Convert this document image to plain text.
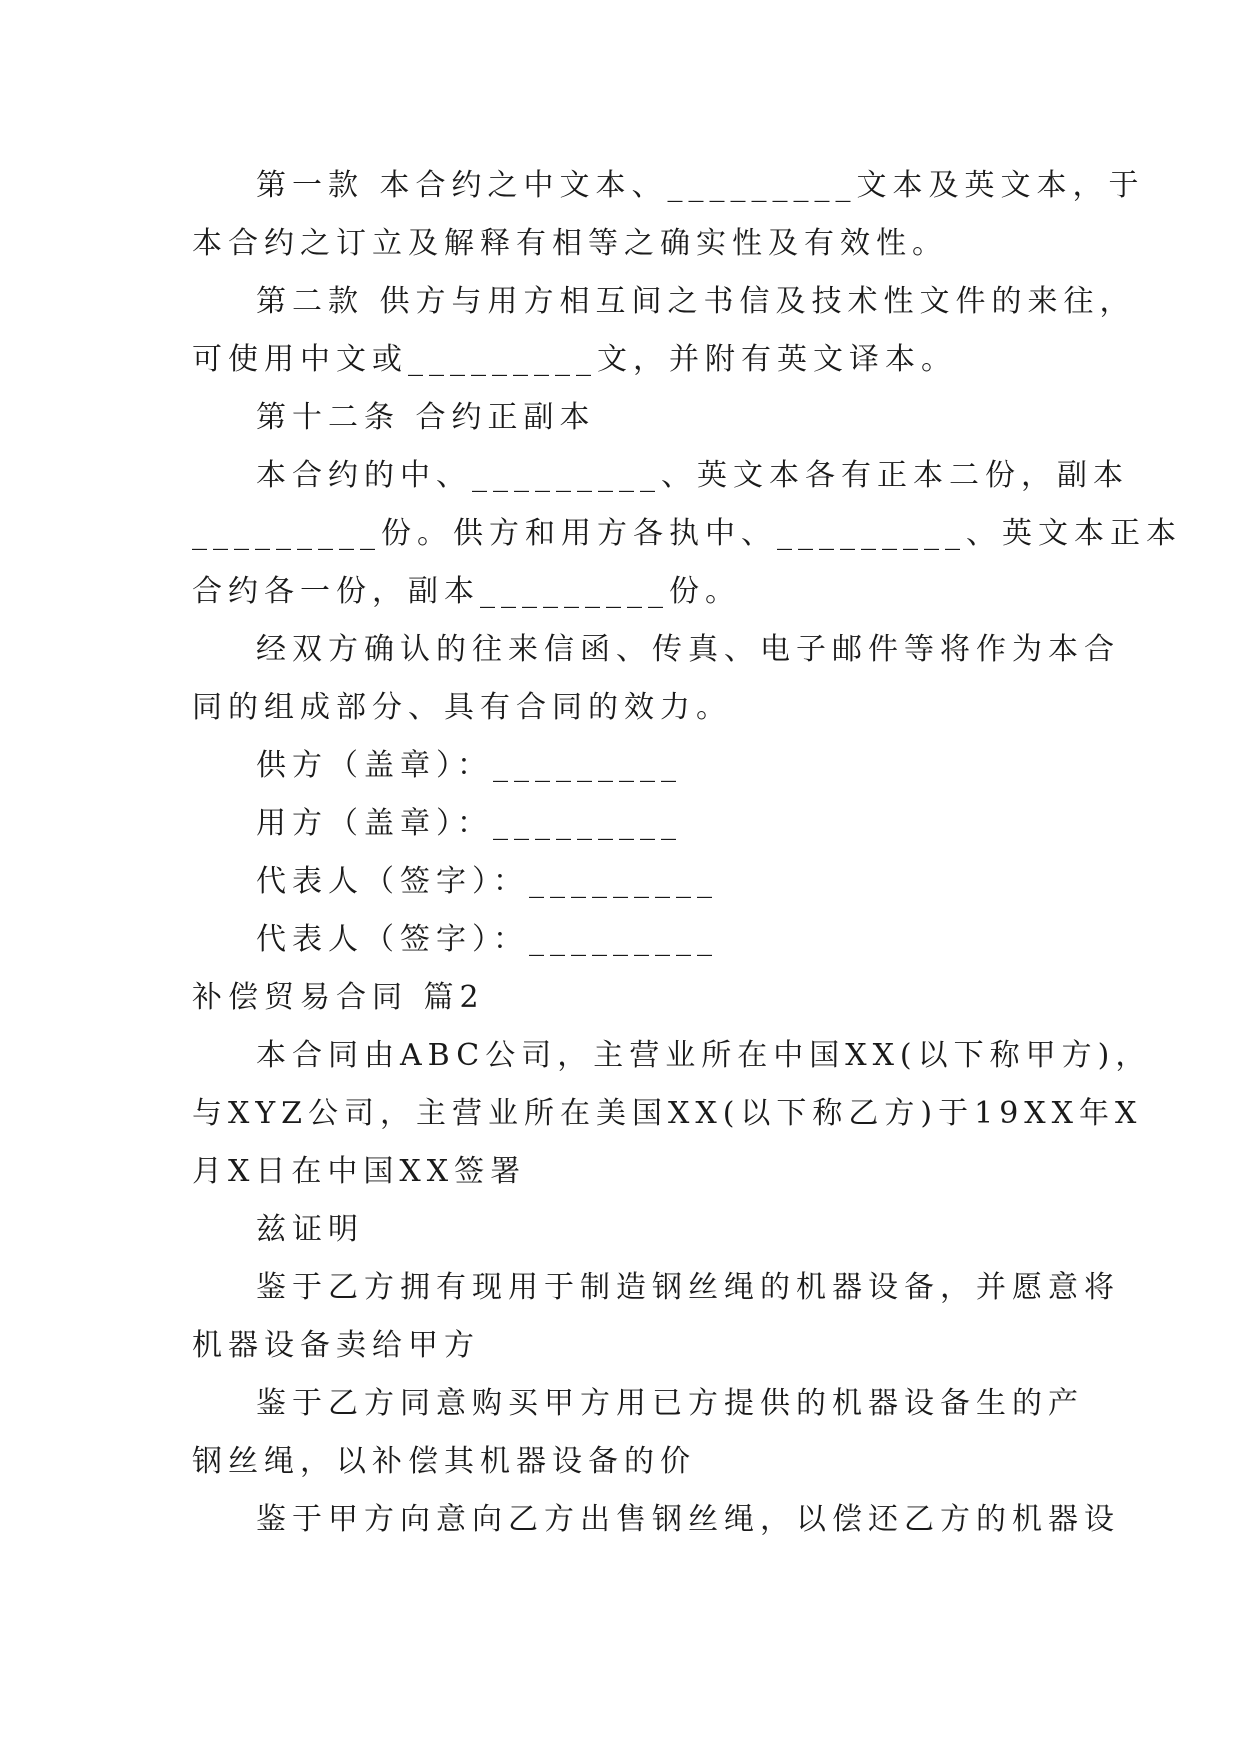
第一款 本合约之中文本、_________文本及英文本，于
本合约之订立及解释有相等之确实性及有效性。
第二款 供方与用方相互间之书信及技术性文件的来往，
可使用中文或_________文，并附有英文译本。
第十二条 合约正副本
本合约的中、_________、英文本各有正本二份，副本
_________份。供方和用方各执中、_________、英文本正本
合约各一份，副本_________份。
经双方确认的往来信函、传真、电子邮件等将作为本合
同的组成部分、具有合同的效力。
供方（盖章）：_________
用方（盖章）：_________
代表人（签字）：_________
代表人（签字）：_________
补偿贸易合同 篇2
本合同由ABC公司，主营业所在中国XX(以下称甲方)，
与XYZ公司，主营业所在美国XX(以下称乙方)于19XX年X
月X日在中国XX签署
兹证明
鉴于乙方拥有现用于制造钢丝绳的机器设备，并愿意将
机器设备卖给甲方
鉴于乙方同意购买甲方用已方提供的机器设备生的产
钢丝绳，以补偿其机器设备的价
鉴于甲方向意向乙方出售钢丝绳，以偿还乙方的机器设
